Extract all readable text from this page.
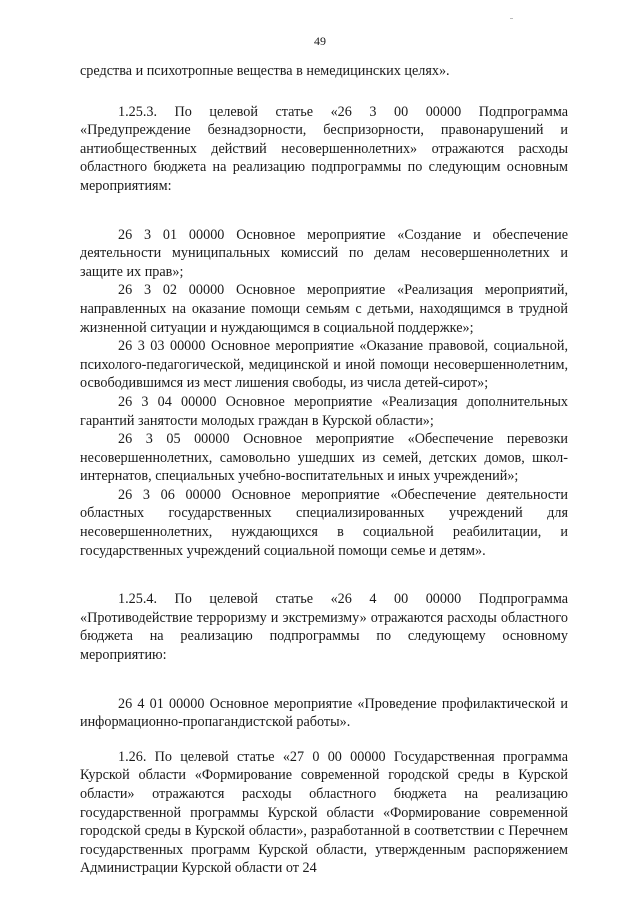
49

средства и психотропные вещества в немедицинских целях».

1.25.3. По целевой статье «26 3 00 00000 Подпрограмма «Предупреждение безнадзорности, беспризорности, правонарушений и антиобщественных действий несовершеннолетних» отражаются расходы областного бюджета на реализацию подпрограммы по следующим основным мероприятиям:

26 3 01 00000 Основное мероприятие «Создание и обеспечение деятельности муниципальных комиссий по делам несовершеннолетних и защите их прав»;

26 3 02 00000 Основное мероприятие «Реализация мероприятий, направленных на оказание помощи семьям с детьми, находящимся в трудной жизненной ситуации и нуждающимся в социальной поддержке»;

26 3 03 00000 Основное мероприятие «Оказание правовой, социальной, психолого-педагогической, медицинской и иной помощи несовершеннолетним, освободившимся из мест лишения свободы, из числа детей-сирот»;

26 3 04 00000 Основное мероприятие «Реализация дополнительных гарантий занятости молодых граждан в Курской области»;

26 3 05 00000 Основное мероприятие «Обеспечение перевозки несовершеннолетних, самовольно ушедших из семей, детских домов, школ-интернатов, специальных учебно-воспитательных и иных учреждений»;

26 3 06 00000 Основное мероприятие «Обеспечение деятельности областных государственных специализированных учреждений для несовершеннолетних, нуждающихся в социальной реабилитации, и государственных учреждений социальной помощи семье и детям».

1.25.4. По целевой статье «26 4 00 00000 Подпрограмма «Противодействие терроризму и экстремизму» отражаются расходы областного бюджета на реализацию подпрограммы по следующему основному мероприятию:

26 4 01 00000 Основное мероприятие «Проведение профилактической и информационно-пропагандистской работы».

1.26. По целевой статье «27 0 00 00000 Государственная программа Курской области «Формирование современной городской среды в Курской области» отражаются расходы областного бюджета на реализацию государственной программы Курской области «Формирование современной городской среды в Курской области», разработанной в соответствии с Перечнем государственных программ Курской области, утвержденным распоряжением Администрации Курской области от 24
